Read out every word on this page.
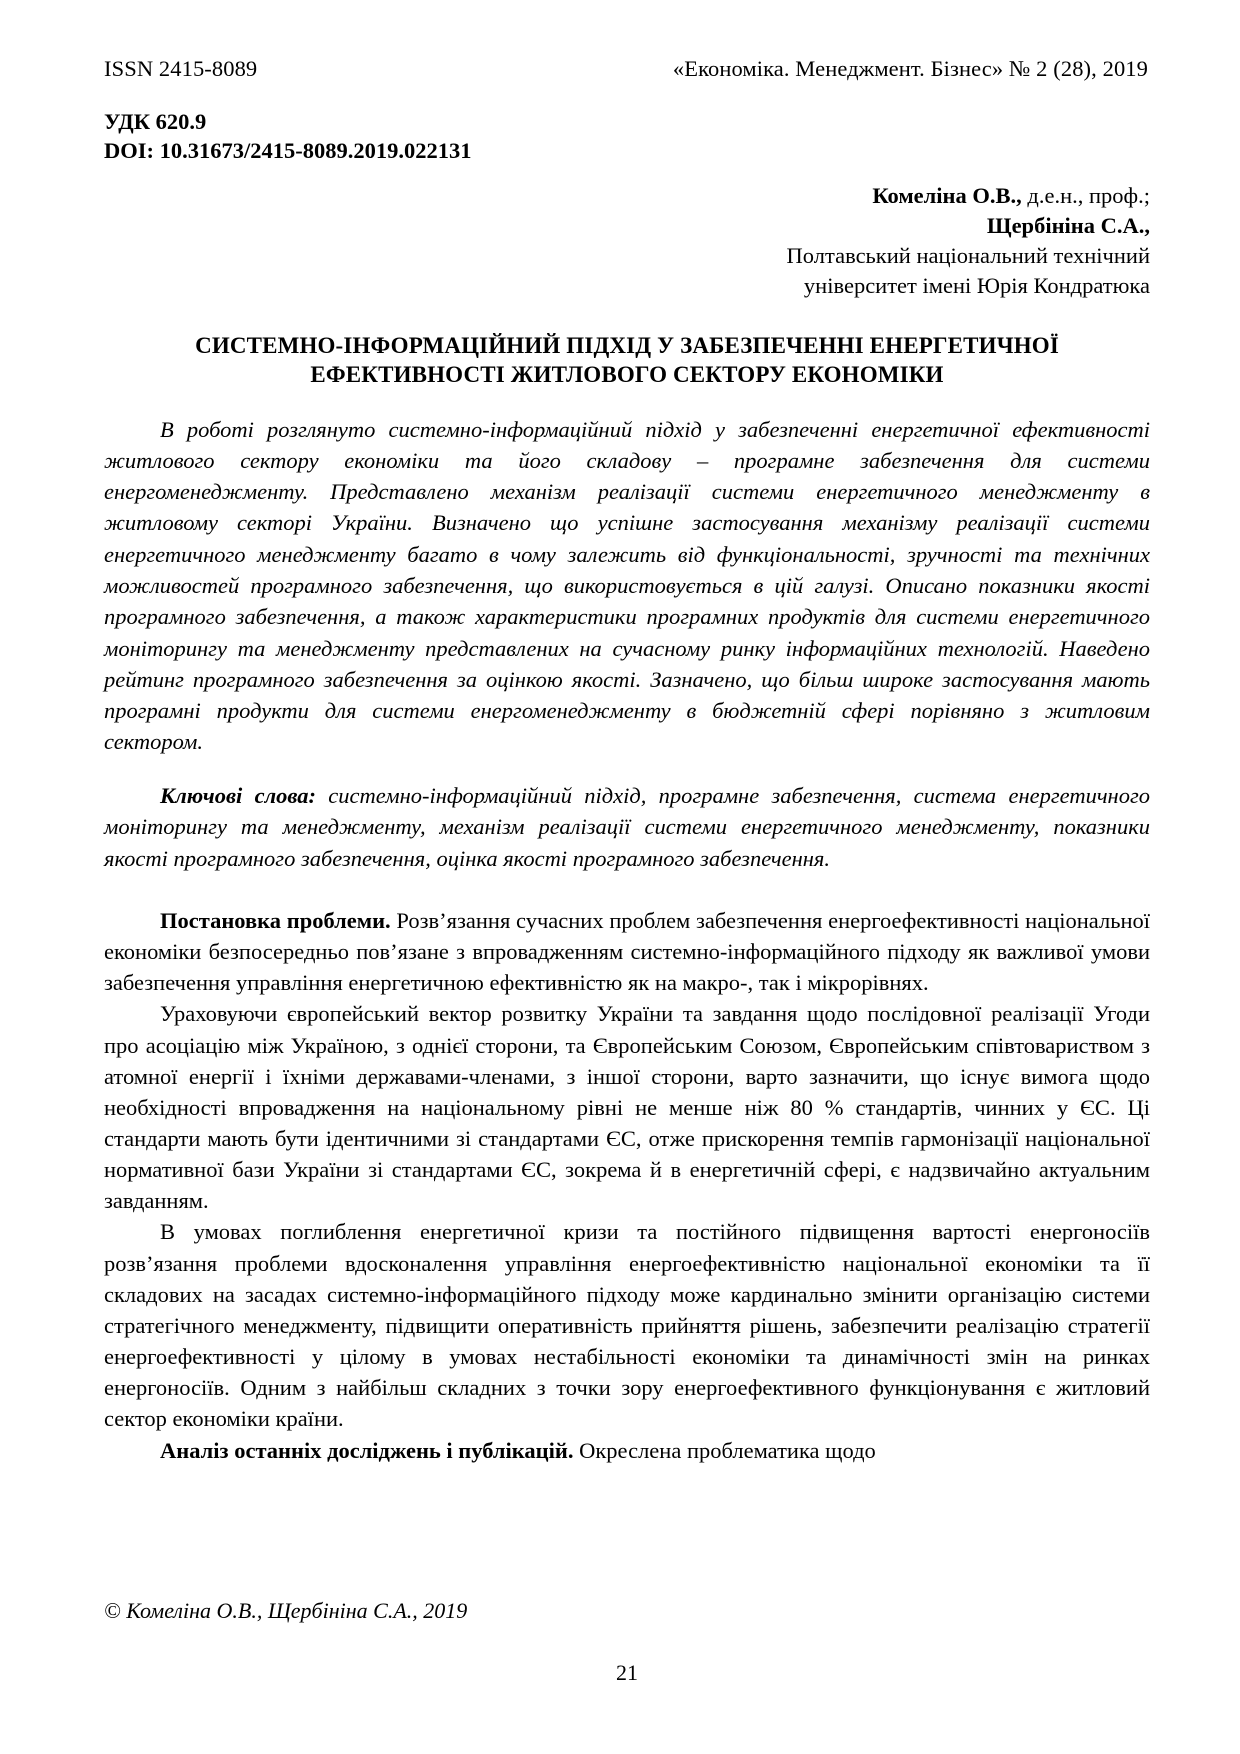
ISSN 2415-8089	«Економіка. Менеджмент. Бізнес» № 2 (28), 2019
УДК 620.9
DOI: 10.31673/2415-8089.2019.022131
Комеліна О.В., д.е.н., проф.;
Щербініна С.А.,
Полтавський національний технічний
університет імені Юрія Кондратюка
СИСТЕМНО-ІНФОРМАЦІЙНИЙ ПІДХІД У ЗАБЕЗПЕЧЕННІ ЕНЕРГЕТИЧНОЇ
ЕФЕКТИВНОСТІ ЖИТЛОВОГО СЕКТОРУ ЕКОНОМІКИ

В роботі розглянуто системно-інформаційний підхід у забезпеченні енергетичної ефективності житлового сектору економіки та його складову – програмне забезпечення для системи енергоменеджменту. Представлено механізм реалізації системи енергетичного менеджменту в житловому секторі України. Визначено що успішне застосування механізму реалізації системи енергетичного менеджменту багато в чому залежить від функціональності, зручності та технічних можливостей програмного забезпечення, що використовується в цій галузі. Описано показники якості програмного забезпечення, а також характеристики програмних продуктів для системи енергетичного моніторингу та менеджменту представлених на сучасному ринку інформаційних технологій. Наведено рейтинг програмного забезпечення за оцінкою якості. Зазначено, що більш широке застосування мають програмні продукти для системи енергоменеджменту в бюджетній сфері порівняно з житловим сектором.

Ключові слова: системно-інформаційний підхід, програмне забезпечення, система енергетичного моніторингу та менеджменту, механізм реалізації системи енергетичного менеджменту, показники якості програмного забезпечення, оцінка якості програмного забезпечення.

Постановка проблеми. Розв’язання сучасних проблем забезпечення енергоефективності національної економіки безпосередньо пов’язане з впровадженням системно-інформаційного підходу як важливої умови забезпечення управління енергетичною ефективністю як на макро-, так і мікрорівнях.

Ураховуючи європейський вектор розвитку України та завдання щодо послідовної реалізації Угоди про асоціацію між Україною, з однієї сторони, та Європейським Союзом, Європейським співтовариством з атомної енергії і їхніми державами-членами, з іншої сторони, варто зазначити, що існує вимога щодо необхідності впровадження на національному рівні не менше ніж 80 % стандартів, чинних у ЄС. Ці стандарти мають бути ідентичними зі стандартами ЄС, отже прискорення темпів гармонізації національної нормативної бази України зі стандартами ЄС, зокрема й в енергетичній сфері, є надзвичайно актуальним завданням.

В умовах поглиблення енергетичної кризи та постійного підвищення вартості енергоносіїв розв’язання проблеми вдосконалення управління енергоефективністю національної економіки та її складових на засадах системно-інформаційного підходу може кардинально змінити організацію системи стратегічного менеджменту, підвищити оперативність прийняття рішень, забезпечити реалізацію стратегії енергоефективності у цілому в умовах нестабільності економіки та динамічності змін на ринках енергоносіїв. Одним з найбільш складних з точки зору енергоефективного функціонування є житловий сектор економіки країни.

Аналіз останніх досліджень і публікацій. Окреслена проблематика щодо

© Комеліна О.В., Щербініна С.А., 2019
21
